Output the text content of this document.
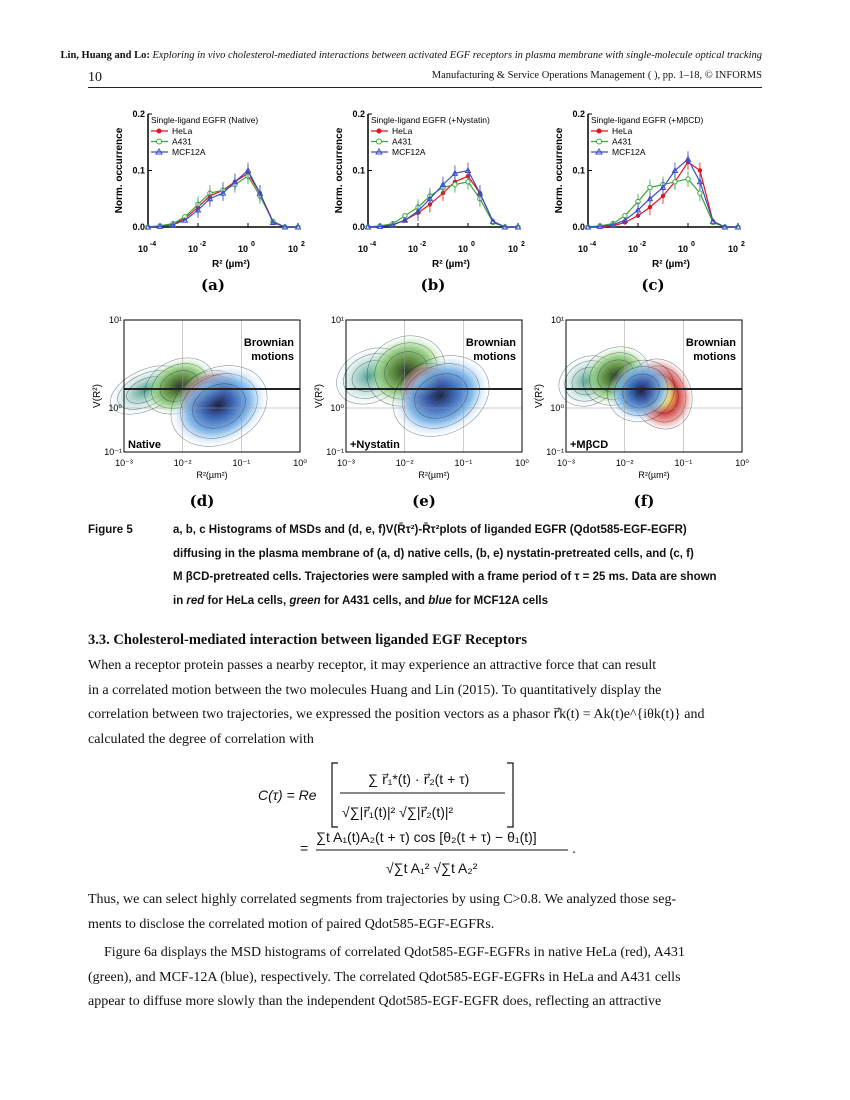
Lin, Huang and Lo: Exploring in vivo cholesterol-mediated interactions between activated EGF receptors in plasma membrane with single-molecule optical tracking
10	Manufacturing & Service Operations Management ( ), pp. 1–18, © INFORMS
0.0
0.1
0.2
10 -4	10 -2	10 0	10 2
Norm. occurrence
R² (µm²)
Single-ligand EGFR (Native)
HeLa
A431
MCF12A
(a)
0.0
0.1
0.2
10 -4	10 -2	10 0	10 2
Norm. occurrence
R² (µm²)
Single-ligand EGFR (+Nystatin)
HeLa
A431
MCF12A
(b)
0.0
0.1
0.2
10 -4	10 -2	10 0	10 2
Norm. occurrence
R² (µm²)
Single-ligand EGFR (+MβCD)
HeLa
A431
MCF12A
(c)
Brownian
motions
Native
10⁻¹
10⁰
10¹
10⁻³	10⁻²	10⁻¹	10⁰
R²(µm²)
V(R²)
(d)
Brownian
motions
+Nystatin
10⁻¹
10⁰
10¹
10⁻³	10⁻²	10⁻¹	10⁰
R²(µm²)
V(R²)
(e)
Brownian
motions
+MβCD
10⁻¹
10⁰
10¹
10⁻³	10⁻²	10⁻¹	10⁰
R²(µm²)
V(R²)
(f)
Figure 5	a, b, c Histograms of MSDs and (d, e, f)V(R̄τ²)-R̄τ²plots of liganded EGFR (Qdot585-EGF-EGFR)
diffusing in the plasma membrane of (a, d) native cells, (b, e) nystatin-pretreated cells, and (c, f)
M βCD-pretreated cells. Trajectories were sampled with a frame period of τ = 25 ms. Data are shown
in red for HeLa cells, green for A431 cells, and blue for MCF12A cells
3.3. Cholesterol-mediated interaction between liganded EGF Receptors
When a receptor protein passes a nearby receptor, it may experience an attractive force that can result
in a correlated motion between the two molecules Huang and Lin (2015). To quantitatively display the
correlation between two trajectories, we expressed the position vectors as a phasor r⃗k(t) = Ak(t)e^{iθk(t)} and
calculated the degree of correlation with
C(τ) = Re
∑ r⃗₁*(t) · r⃗₂(t + τ)
√∑|r⃗₁(t)|² √∑|r⃗₂(t)|²
=
∑t A₁(t)A₂(t + τ) cos [θ₂(t + τ) − θ₁(t)]
√∑t A₁² √∑t A₂²
.
Thus, we can select highly correlated segments from trajectories by using C>0.8. We analyzed those seg-
ments to disclose the correlated motion of paired Qdot585-EGF-EGFRs.
Figure 6a displays the MSD histograms of correlated Qdot585-EGF-EGFRs in native HeLa (red), A431
(green), and MCF-12A (blue), respectively. The correlated Qdot585-EGF-EGFRs in HeLa and A431 cells
appear to diffuse more slowly than the independent Qdot585-EGF-EGFR does, reflecting an attractive
